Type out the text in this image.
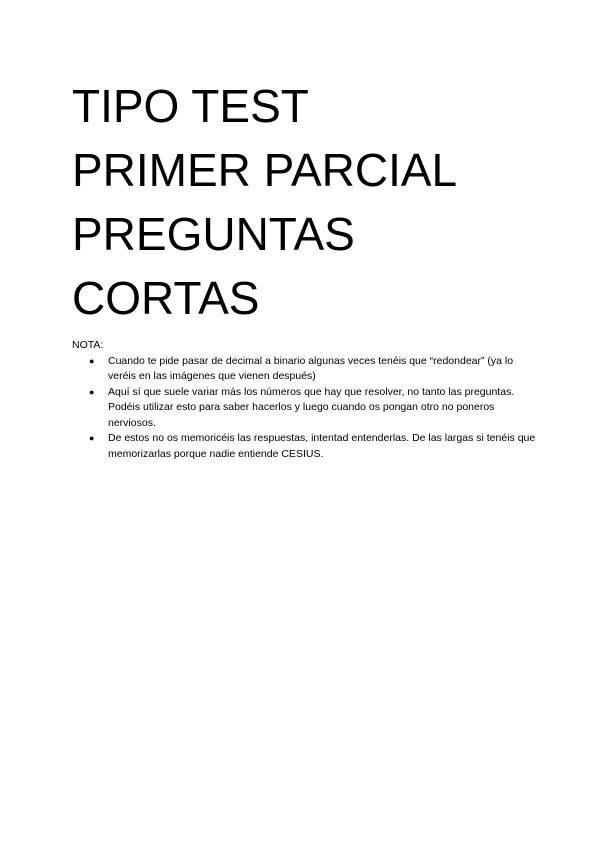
TIPO TEST
PRIMER PARCIAL
PREGUNTAS
CORTAS
NOTA:
● Cuando te pide pasar de decimal a binario algunas veces tenéis que “redondear” (ya lo veréis en las imágenes que vienen después)
● Aquí sí que suele variar más los números que hay que resolver, no tanto las preguntas. Podéis utilizar esto para saber hacerlos y luego cuando os pongan otro no poneros nerviosos.
● De estos no os memoricéis las respuestas, intentad entenderlas. De las largas si tenéis que memorizarlas porque nadie entiende CESIUS.
